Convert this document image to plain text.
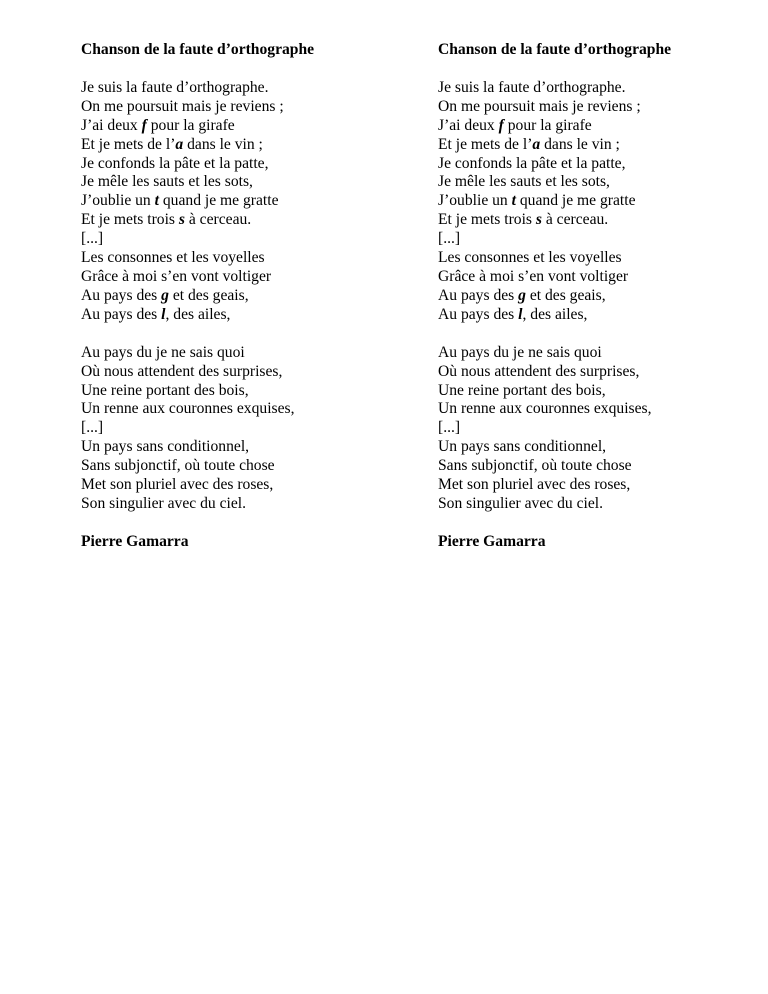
Chanson de la faute d’orthographe
Je suis la faute d’orthographe.
On me poursuit mais je reviens ;
J’ai deux f pour la girafe
Et je mets de l’a dans le vin ;
Je confonds la pâte et la patte,
Je mêle les sauts et les sots,
J’oublie un t quand je me gratte
Et je mets trois s à cerceau.
[...]
Les consonnes et les voyelles
Grâce à moi s’en vont voltiger
Au pays des g et des geais,
Au pays des l, des ailes,
Au pays du je ne sais quoi
Où nous attendent des surprises,
Une reine portant des bois,
Un renne aux couronnes exquises,
[...]
Un pays sans conditionnel,
Sans subjonctif, où toute chose
Met son pluriel avec des roses,
Son singulier avec du ciel.
Pierre Gamarra
Chanson de la faute d’orthographe
Je suis la faute d’orthographe.
On me poursuit mais je reviens ;
J’ai deux f pour la girafe
Et je mets de l’a dans le vin ;
Je confonds la pâte et la patte,
Je mêle les sauts et les sots,
J’oublie un t quand je me gratte
Et je mets trois s à cerceau.
[...]
Les consonnes et les voyelles
Grâce à moi s’en vont voltiger
Au pays des g et des geais,
Au pays des l, des ailes,
Au pays du je ne sais quoi
Où nous attendent des surprises,
Une reine portant des bois,
Un renne aux couronnes exquises,
[...]
Un pays sans conditionnel,
Sans subjonctif, où toute chose
Met son pluriel avec des roses,
Son singulier avec du ciel.
Pierre Gamarra
